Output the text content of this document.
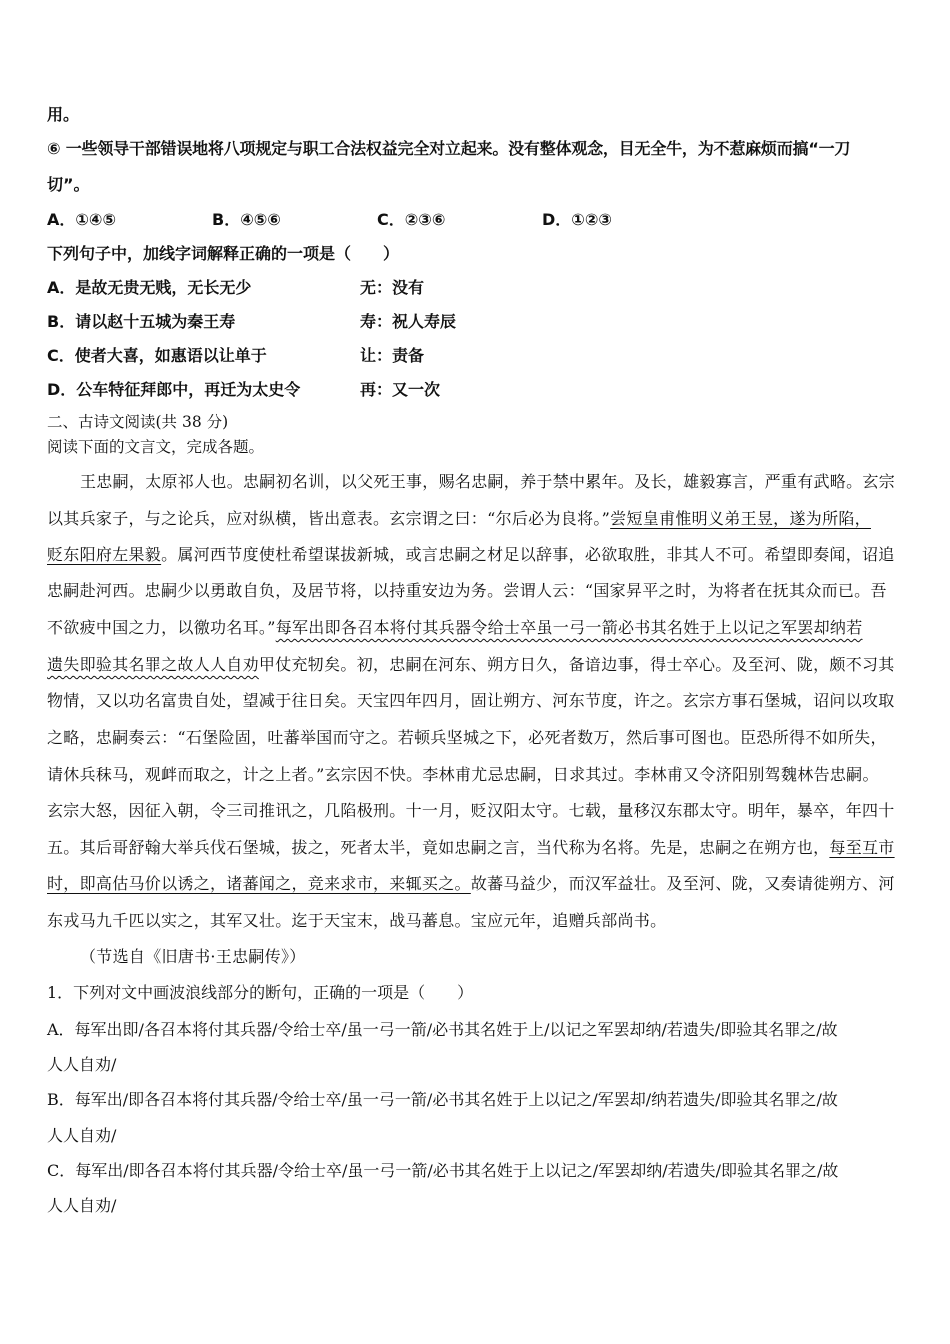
用。
⑥ 一些领导干部错误地将八项规定与职工合法权益完全对立起来。没有整体观念，目无全牛，为不惹麻烦而搞“一刀
切”。
A．①④⑤	B．④⑤⑥	C．②③⑥	D．①②③
下列句子中，加线字词解释正确的一项是（　　）
A．是故无贵无贱，无长无少	无：没有
B．请以赵十五城为秦王寿	寿：祝人寿辰
C．使者大喜，如惠语以让单于	让：责备
D．公车特征拜郎中，再迁为太史令	再：又一次
二、古诗文阅读(共 38 分)
阅读下面的文言文，完成各题。
王忠嗣，太原祁人也。忠嗣初名训，以父死王事，赐名忠嗣，养于禁中累年。及长，雄毅寡言，严重有武略。玄宗
以其兵家子，与之论兵，应对纵横，皆出意表。玄宗谓之曰：“尔后必为良将。”尝短皇甫惟明义弟王昱，遂为所陷，
贬东阳府左果毅。属河西节度使杜希望谋拔新城，或言忠嗣之材足以辞事，必欲取胜，非其人不可。希望即奏闻，诏追
忠嗣赴河西。忠嗣少以勇敢自负，及居节将，以持重安边为务。尝谓人云：“国家昇平之时，为将者在抚其众而已。吾
不欲疲中国之力，以徼功名耳。”每军出即各召本将付其兵器令给士卒虽一弓一箭必书其名姓于上以记之军罢却纳若
遗失即验其名罪之故人人自劝甲仗充牣矣。初，忠嗣在河东、朔方日久，备谙边事，得士卒心。及至河、陇，颇不习其
物情，又以功名富贵自处，望减于往日矣。天宝四年四月，固让朔方、河东节度，许之。玄宗方事石堡城，诏问以攻取
之略，忠嗣奏云：“石堡险固，吐蕃举国而守之。若顿兵坚城之下，必死者数万，然后事可图也。臣恐所得不如所失，
请休兵秣马，观衅而取之，计之上者。”玄宗因不快。李林甫尤忌忠嗣，日求其过。李林甫又令济阳别驾魏林告忠嗣。
玄宗大怒，因征入朝，令三司推讯之，几陷极刑。十一月，贬汉阳太守。七载，量移汉东郡太守。明年，暴卒，年四十
五。其后哥舒翰大举兵伐石堡城，拔之，死者太半，竟如忠嗣之言，当代称为名将。先是，忠嗣之在朔方也，每至互市
时，即高估马价以诱之，诸蕃闻之，竞来求市，来辄买之。故蕃马益少，而汉军益壮。及至河、陇，又奏请徙朔方、河
东戎马九千匹以实之，其军又壮。迄于天宝末，战马蕃息。宝应元年，追赠兵部尚书。
（节选自《旧唐书·王忠嗣传》）
1．下列对文中画波浪线部分的断句，正确的一项是（　　）
A．每军出即/各召本将付其兵器/令给士卒/虽一弓一箭/必书其名姓于上/以记之军罢却纳/若遗失/即验其名罪之/故
人人自劝/
B．每军出/即各召本将付其兵器/令给士卒/虽一弓一箭/必书其名姓于上以记之/军罢却/纳若遗失/即验其名罪之/故
人人自劝/
C．每军出/即各召本将付其兵器/令给士卒/虽一弓一箭/必书其名姓于上以记之/军罢却纳/若遗失/即验其名罪之/故
人人自劝/
